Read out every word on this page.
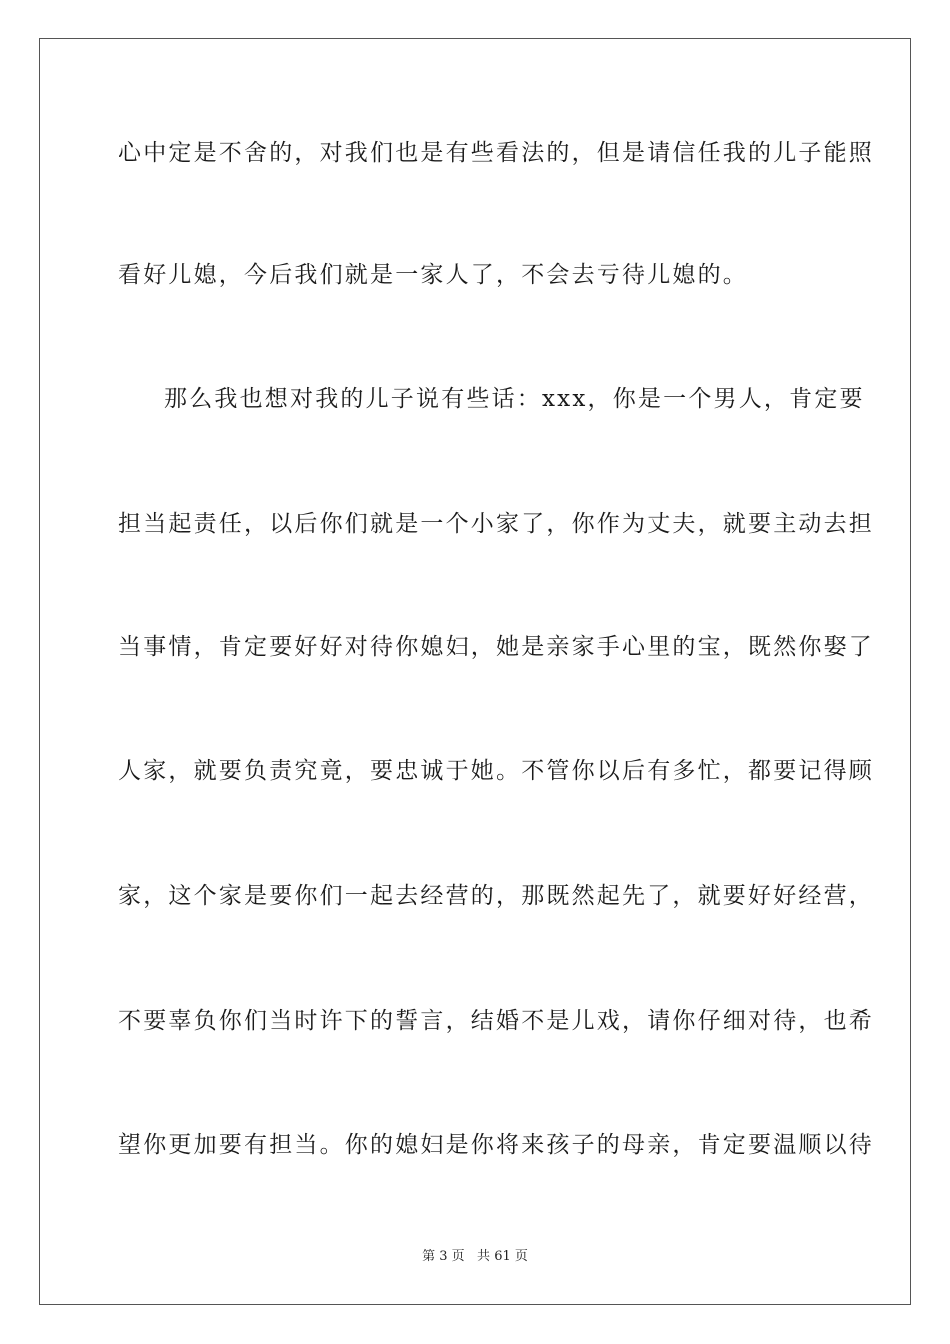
心中定是不舍的，对我们也是有些看法的，但是请信任我的儿子能照
看好儿媳，今后我们就是一家人了，不会去亏待儿媳的。
那么我也想对我的儿子说有些话：xxx，你是一个男人，肯定要
担当起责任，以后你们就是一个小家了，你作为丈夫，就要主动去担
当事情，肯定要好好对待你媳妇，她是亲家手心里的宝，既然你娶了
人家，就要负责究竟，要忠诚于她。不管你以后有多忙，都要记得顾
家，这个家是要你们一起去经营的，那既然起先了，就要好好经营，
不要辜负你们当时许下的誓言，结婚不是儿戏，请你仔细对待，也希
望你更加要有担当。你的媳妇是你将来孩子的母亲，肯定要温顺以待
第 3 页   共 61 页
